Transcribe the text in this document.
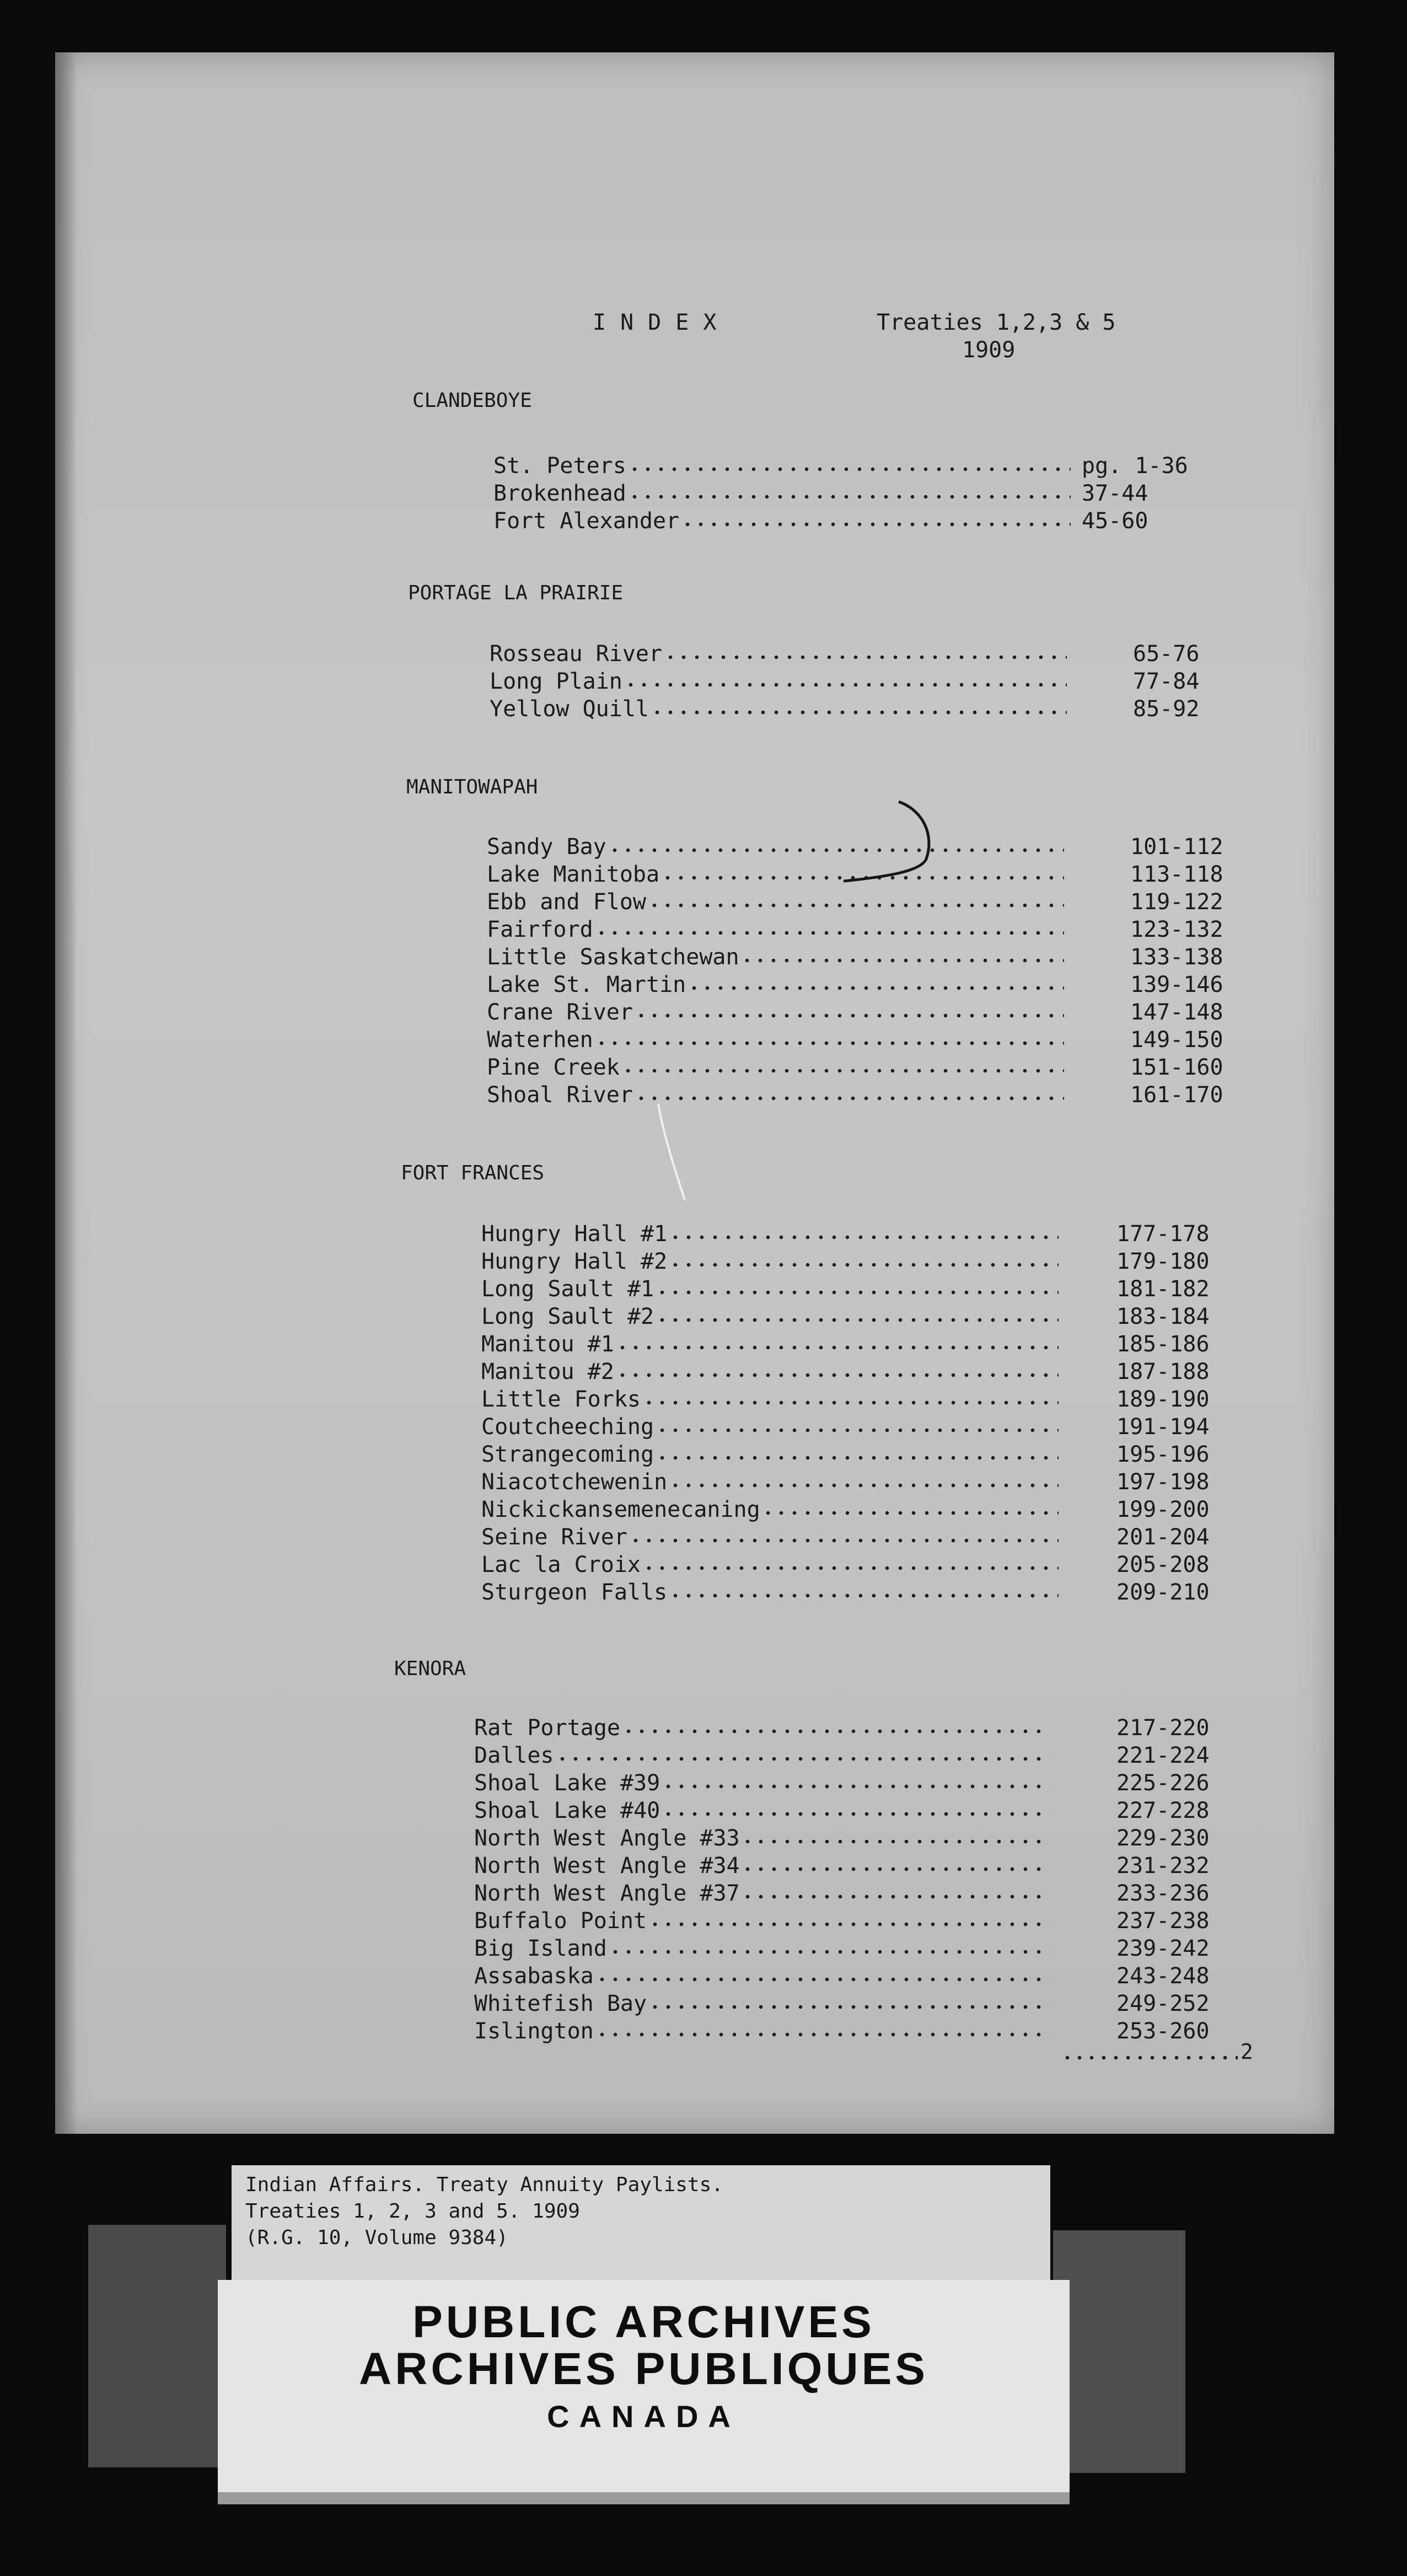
INDEX	Treaties 1,2,3 & 5
1909
CLANDEBOYE
St. Peters	pg. 1-36
Brokenhead	37-44
Fort Alexander	45-60
PORTAGE LA PRAIRIE
Rosseau River	65-76
Long Plain	77-84
Yellow Quill	85-92
MANITOWAPAH
Sandy Bay	101-112
Lake Manitoba	113-118
Ebb and Flow	119-122
Fairford	123-132
Little Saskatchewan	133-138
Lake St. Martin	139-146
Crane River	147-148
Waterhen	149-150
Pine Creek	151-160
Shoal River	161-170
FORT FRANCES
Hungry Hall #1	177-178
Hungry Hall #2	179-180
Long Sault #1	181-182
Long Sault #2	183-184
Manitou #1	185-186
Manitou #2	187-188
Little Forks	189-190
Coutcheeching	191-194
Strangecoming	195-196
Niacotchewenin	197-198
Nickickansemenecaning	199-200
Seine River	201-204
Lac la Croix	205-208
Sturgeon Falls	209-210
KENORA
Rat Portage	217-220
Dalles	221-224
Shoal Lake #39	225-226
Shoal Lake #40	227-228
North West Angle #33	229-230
North West Angle #34	231-232
North West Angle #37	233-236
Buffalo Point	237-238
Big Island	239-242
Assabaska	243-248
Whitefish Bay	249-252
Islington	253-260
2
Indian Affairs. Treaty Annuity Paylists.
Treaties 1, 2, 3 and 5. 1909
(R.G. 10, Volume 9384)
PUBLIC ARCHIVES
ARCHIVES PUBLIQUES
CANADA
